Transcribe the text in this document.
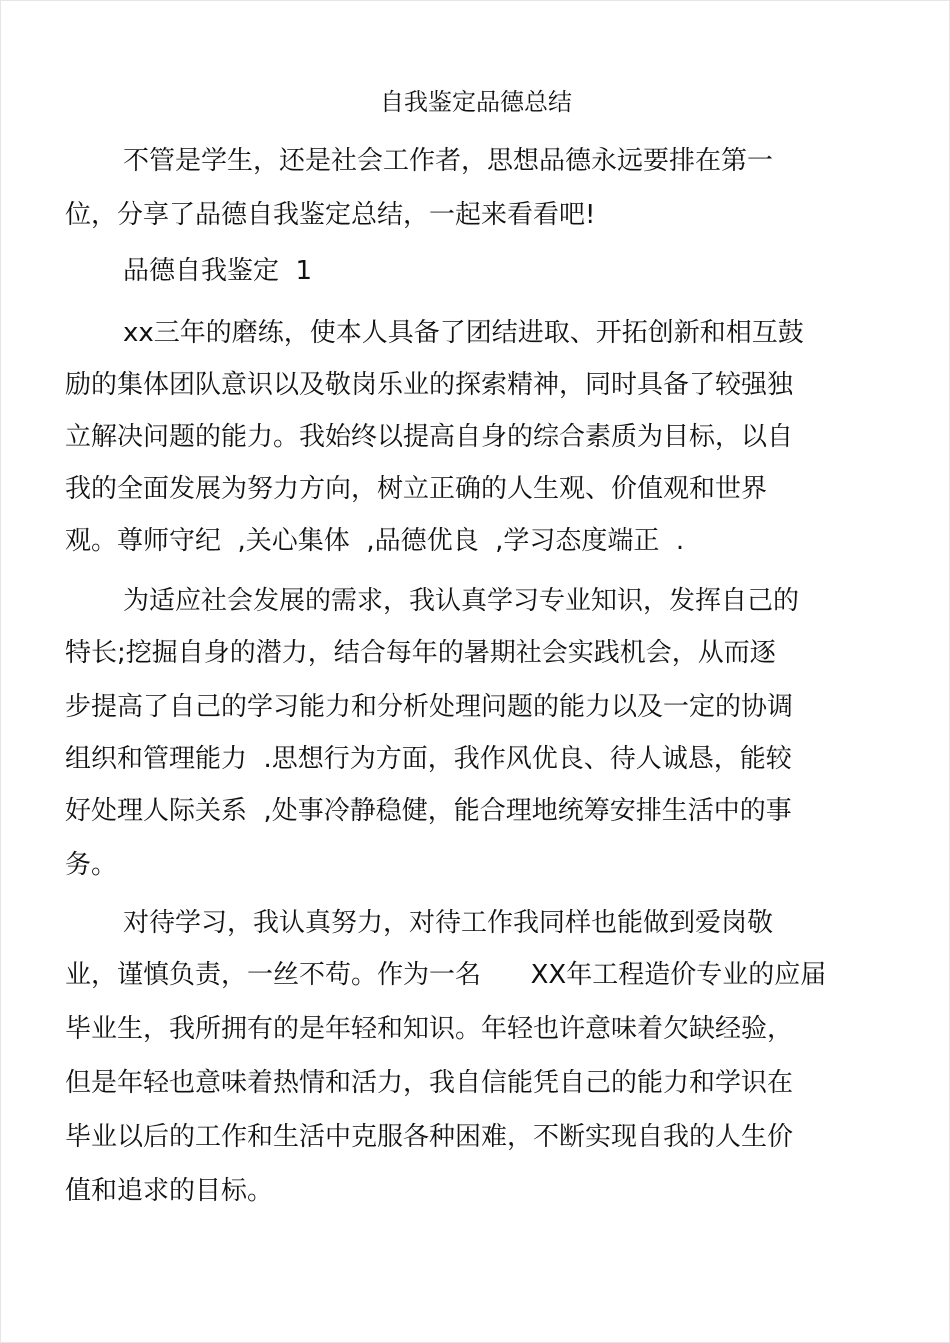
自我鉴定品德总结
不管是学生，还是社会工作者，思想品德永远要排在第一
位，分享了品德自我鉴定总结，一起来看看吧!
品德自我鉴定  1
xx三年的磨练，使本人具备了团结进取、开拓创新和相互鼓
励的集体团队意识以及敬岗乐业的探索精神，同时具备了较强独
立解决问题的能力。我始终以提高自身的综合素质为目标，以自
我的全面发展为努力方向，树立正确的人生观、价值观和世界
观。尊师守纪  ,关心集体  ,品德优良  ,学习态度端正  .
为适应社会发展的需求，我认真学习专业知识，发挥自己的
特长;挖掘自身的潜力，结合每年的暑期社会实践机会，从而逐
步提高了自己的学习能力和分析处理问题的能力以及一定的协调
组织和管理能力  .思想行为方面，我作风优良、待人诚恳，能较
好处理人际关系  ,处事冷静稳健，能合理地统筹安排生活中的事
务。
对待学习，我认真努力，对待工作我同样也能做到爱岗敬
业，谨慎负责，一丝不苟。作为一名      XX年工程造价专业的应届
毕业生，我所拥有的是年轻和知识。年轻也许意味着欠缺经验，
但是年轻也意味着热情和活力，我自信能凭自己的能力和学识在
毕业以后的工作和生活中克服各种困难，不断实现自我的人生价
值和追求的目标。
